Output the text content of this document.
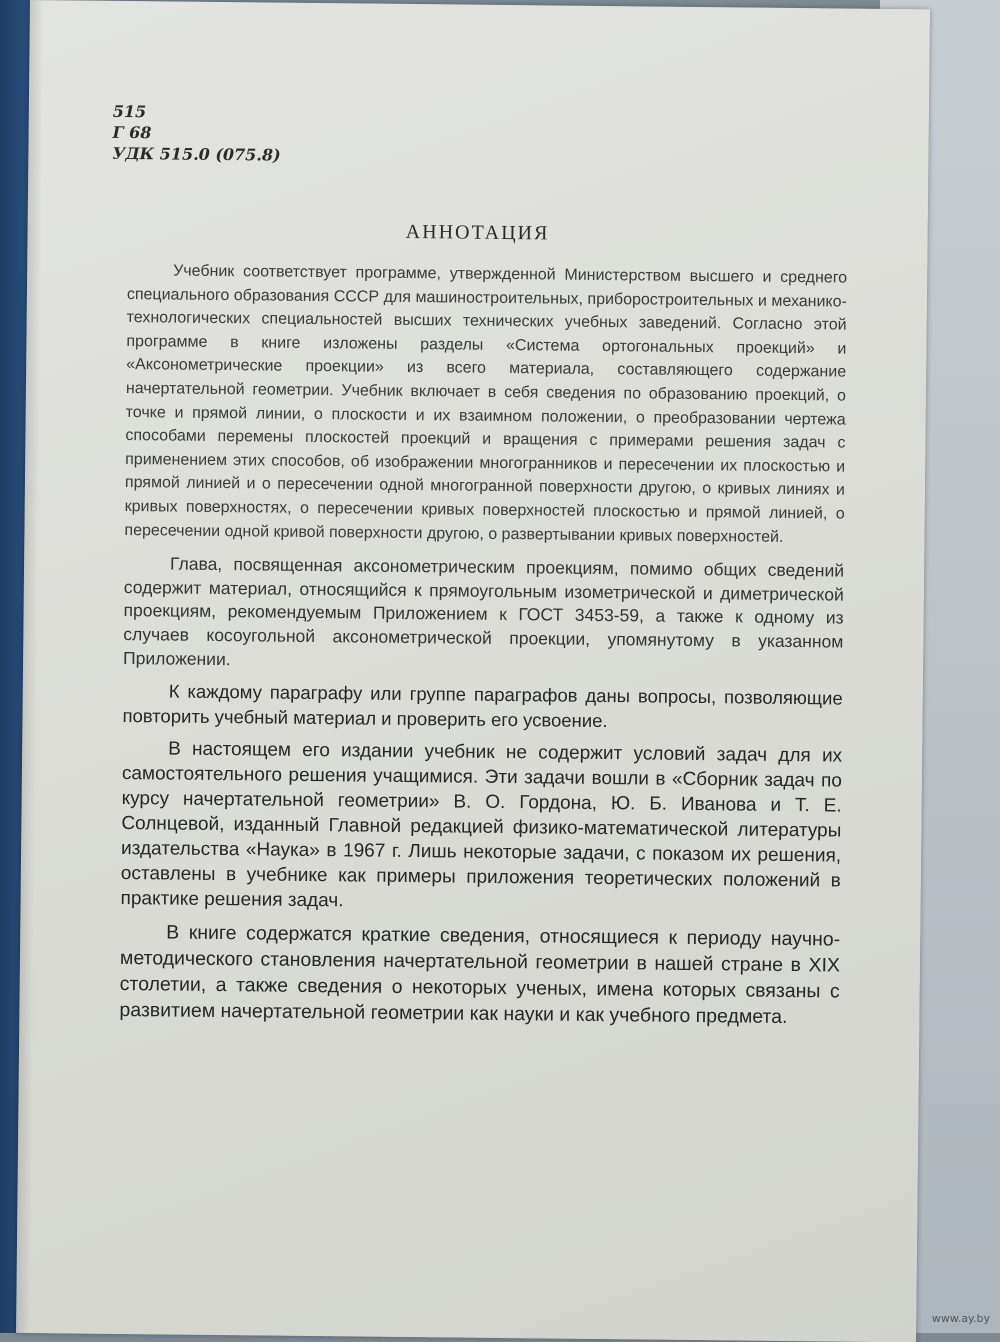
515
Г 68
УДК 515.0 (075.8)
АННОТАЦИЯ

Учебник соответствует программе, утвержденной Министерством высшего и среднего специального образования СССР для машиностроительных, приборостроительных и механико-технологических специальностей высших технических учебных заведений. Согласно этой программе в книге изложены разделы «Система ортогональных проекций» и «Аксонометрические проекции» из всего материала, составляющего содержание начертательной геометрии. Учебник включает в себя сведения по образованию проекций, о точке и прямой линии, о плоскости и их взаимном положении, о преобразовании чертежа способами перемены плоскостей проекций и вращения с примерами решения задач с применением этих способов, об изображении многогранников и пересечении их плоскостью и прямой линией и о пересечении одной многогранной поверхности другою, о кривых линиях и кривых поверхностях, о пересечении кривых поверхностей плоскостью и прямой линией, о пересечении одной кривой поверхности другою, о развертывании кривых поверхностей.

Глава, посвященная аксонометрическим проекциям, помимо общих сведений содержит материал, относящийся к прямоугольным изометрической и диметрической проекциям, рекомендуемым Приложением к ГОСТ 3453-59, а также к одному из случаев косоугольной аксонометрической проекции, упомянутому в указанном Приложении.

К каждому параграфу или группе параграфов даны вопросы, позволяющие повторить учебный материал и проверить его усвоение.

В настоящем его издании учебник не содержит условий задач для их самостоятельного решения учащимися. Эти задачи вошли в «Сборник задач по курсу начертательной геометрии» В. О. Гордона, Ю. Б. Иванова и Т. Е. Солнцевой, изданный Главной редакцией физико-математической литературы издательства «Наука» в 1967 г. Лишь некоторые задачи, с показом их решения, оставлены в учебнике как примеры приложения теоретических положений в практике решения задач.

В книге содержатся краткие сведения, относящиеся к периоду научно-методического становления начертательной геометрии в нашей стране в XIX столетии, а также сведения о некоторых ученых, имена которых связаны с развитием начертательной геометрии как науки и как учебного предмета.

www.ay.by
